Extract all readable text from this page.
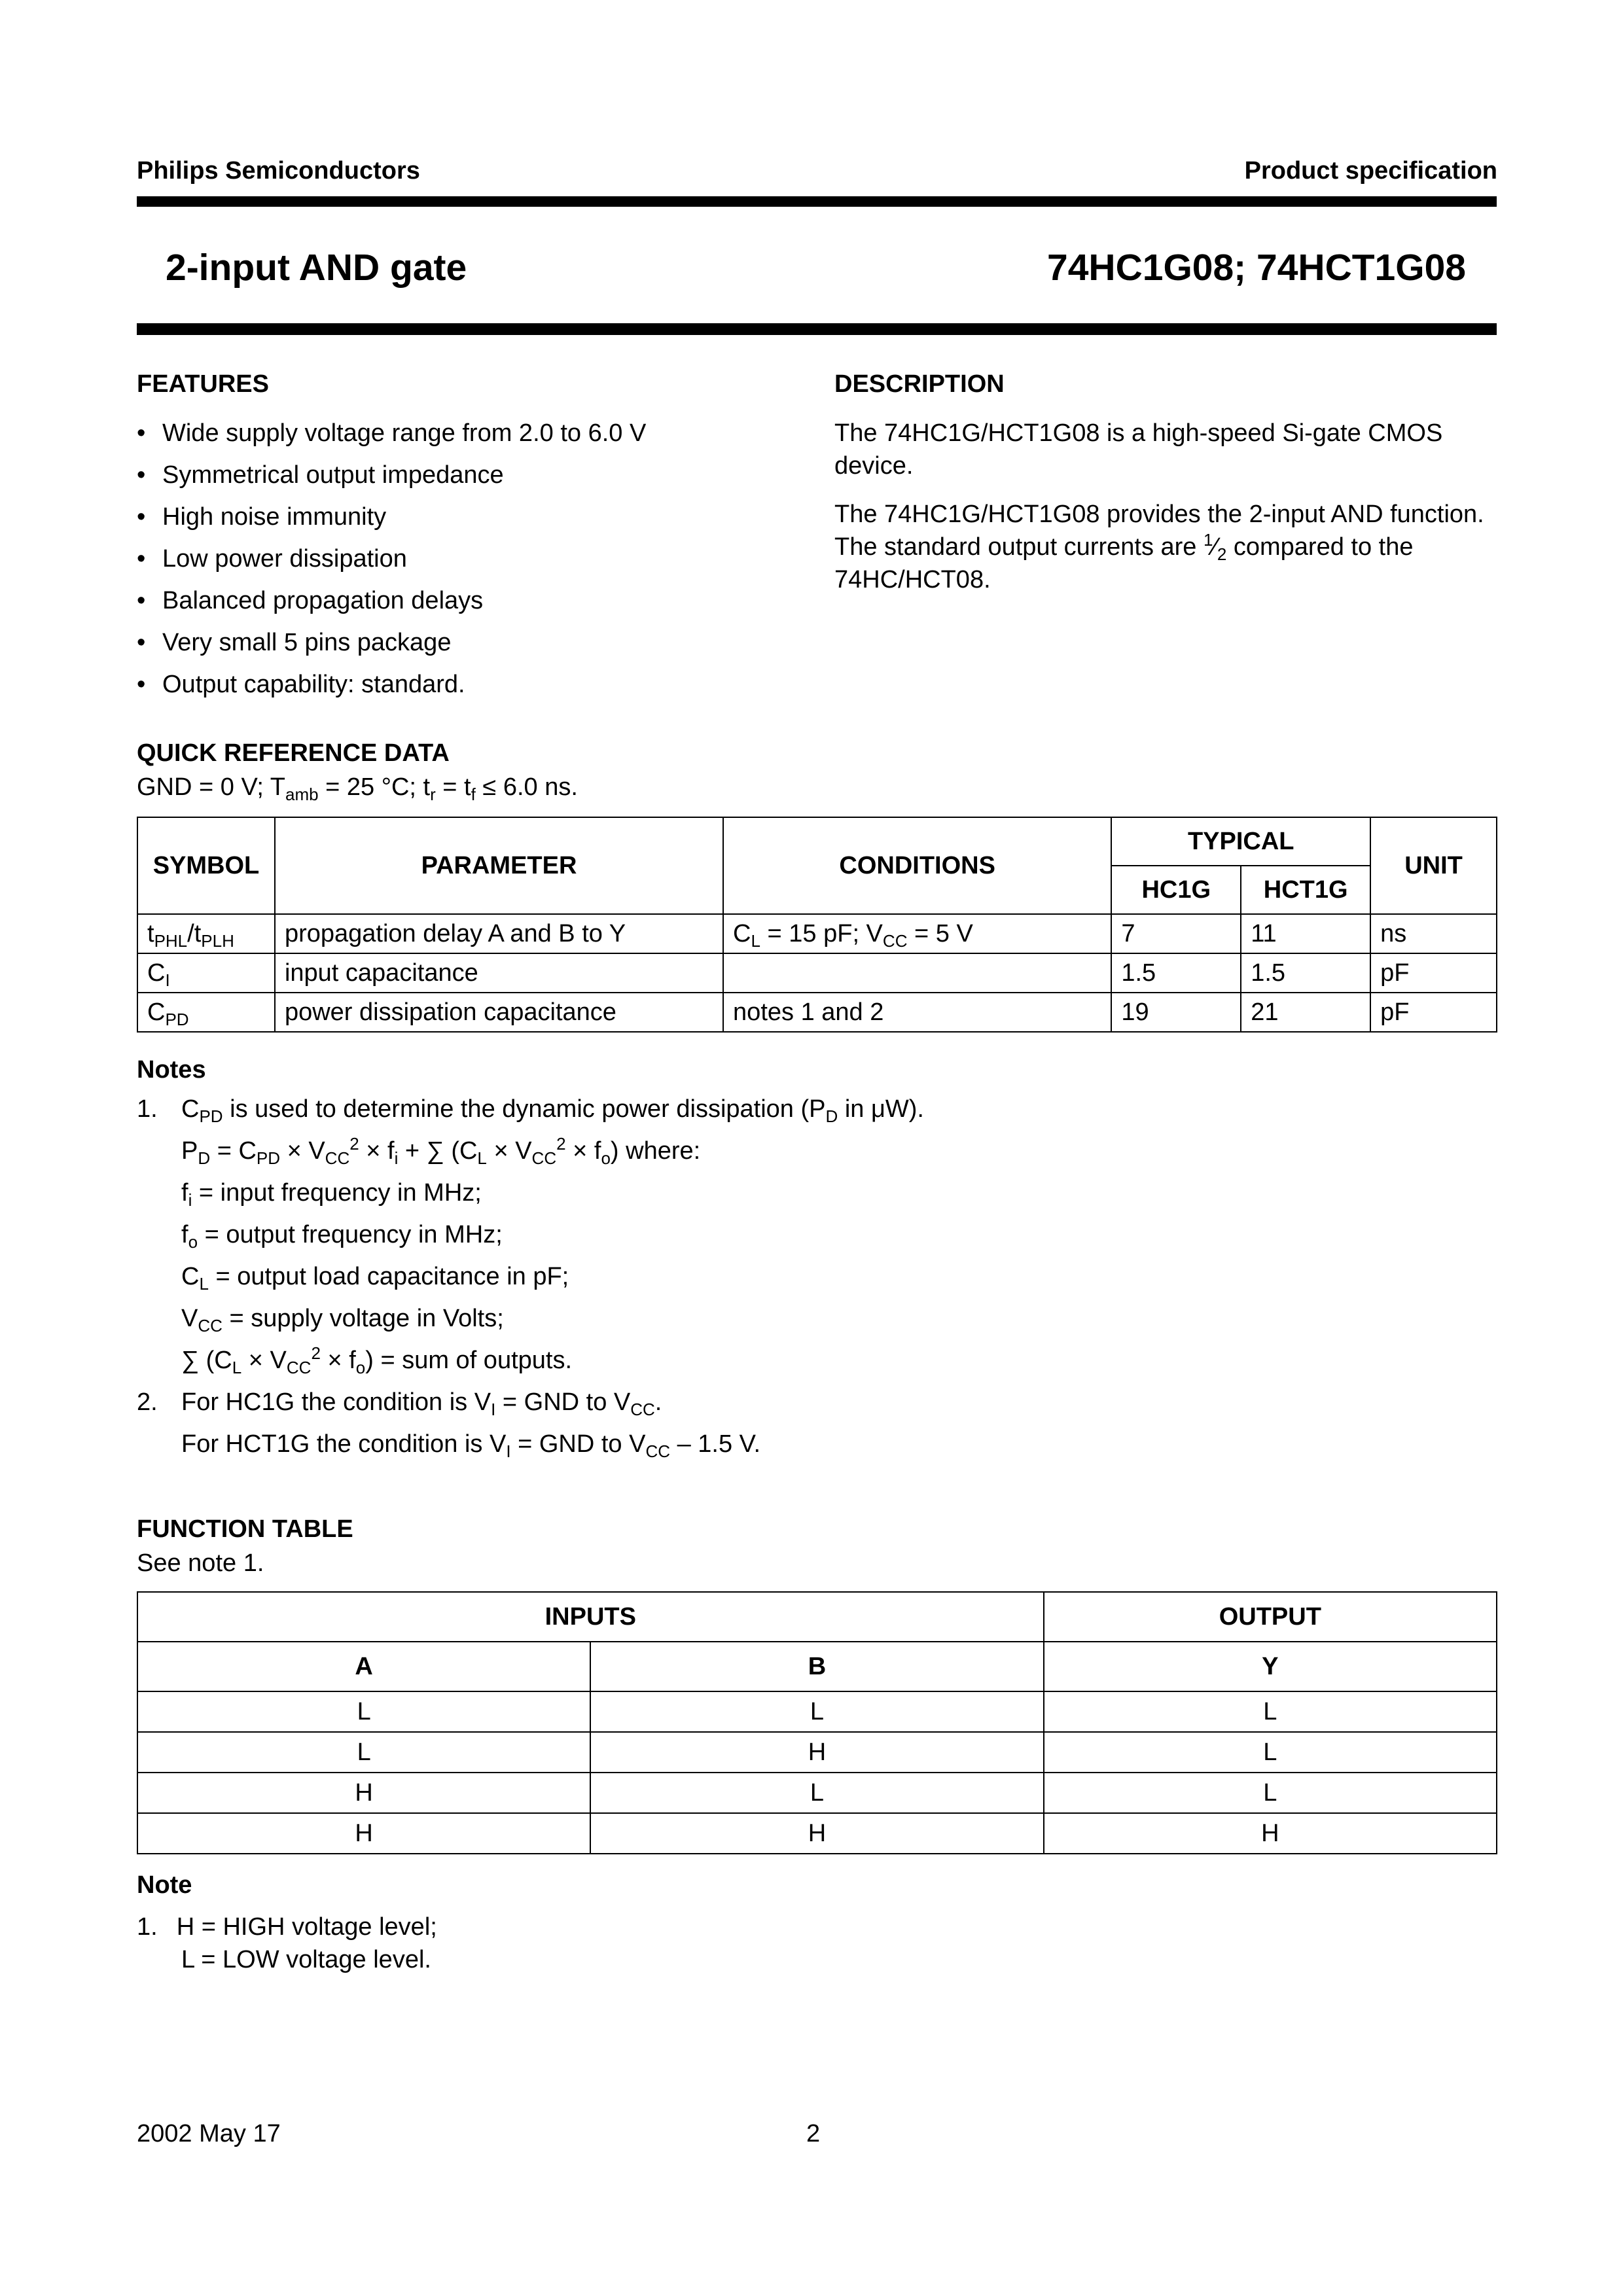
Philips Semiconductors	Product specification
2-input AND gate	74HC1G08; 74HCT1G08
FEATURES
• Wide supply voltage range from 2.0 to 6.0 V
• Symmetrical output impedance
• High noise immunity
• Low power dissipation
• Balanced propagation delays
• Very small 5 pins package
• Output capability: standard.
DESCRIPTION

The 74HC1G/HCT1G08 is a high-speed Si-gate CMOS device.

The 74HC1G/HCT1G08 provides the 2-input AND function. The standard output currents are $^1⁄_2$ compared to the 74HC/HCT08.

QUICK REFERENCE DATA
GND = 0 V; $T_{amb} = 25$ °C; $t_r = t_f \le 6.0$ ns.
SYMBOL	PARAMETER	CONDITIONS	TYPICAL		UNIT
			HC1G	HCT1G	
$t_{PHL}/t_{PLH}$	propagation delay A and B to Y	$C_L = 15$ pF; $V_{CC} = 5$ V	7	11	ns
$C_I$	input capacitance		1.5	1.5	pF
$C_{PD}$	power dissipation capacitance	notes 1 and 2	19	21	pF
Notes
1. $C_{PD}$ is used to determine the dynamic power dissipation ($P_D$ in μW).
$P_D = C_{PD} \times V_{CC}^2 \times f_i$ + ∑ $(C_L \times V_{CC}^2 \times f_o)$ where:
$f_i$ = input frequency in MHz;
$f_o$ = output frequency in MHz;
$C_L$ = output load capacitance in pF;
$V_{CC}$ = supply voltage in Volts;
∑ $(C_L \times V_{CC}^2 \times f_o)$ = sum of outputs.
2. For HC1G the condition is $V_I$ = GND to $V_{CC}$.
For HCT1G the condition is $V_I$ = GND to $V_{CC} - 1.5$ V.
FUNCTION TABLE
See note 1.
INPUTS		OUTPUT
A	B	Y
L	L	L
L	H	L
H	L	L
H	H	H
Note
1. H = HIGH voltage level;
L = LOW voltage level.
2002 May 17	2
